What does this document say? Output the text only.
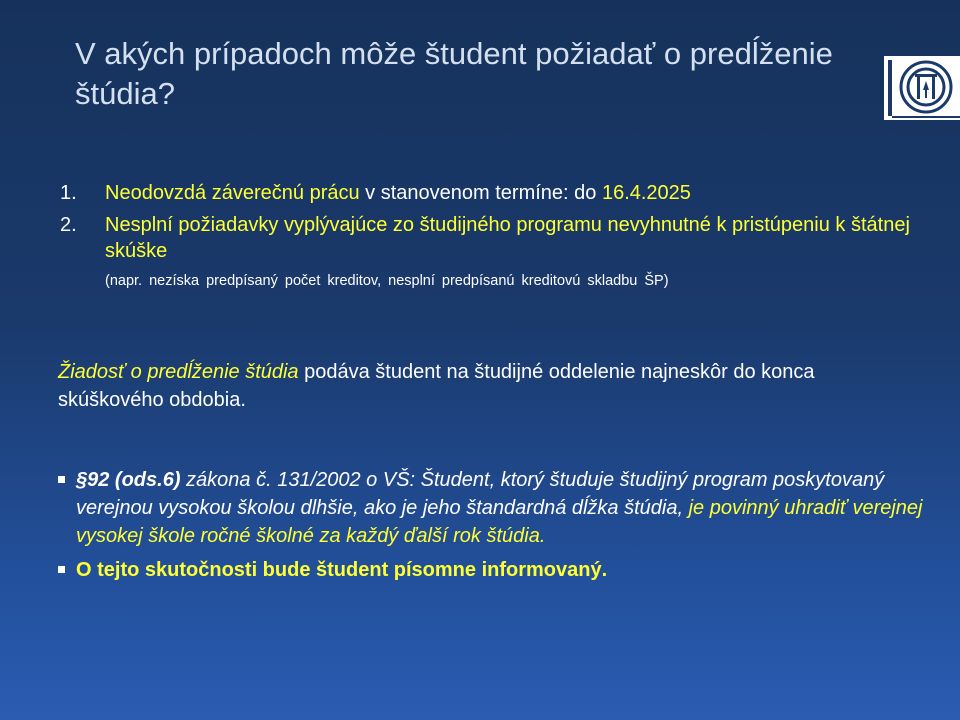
V akých prípadoch môže študent požiadať o predĺženie štúdia?
1. Neodovzdá záverečnú prácu v stanovenom termíne: do 16.4.2025
2. Nesplní požiadavky vyplývajúce zo študijného programu nevyhnutné k pristúpeniu k štátnej skúške
(napr. nezíska predpísaný počet kreditov, nesplní predpísanú kreditovú skladbu ŠP)
Žiadosť o predĺženie štúdia podáva študent na študijné oddelenie najneskôr do konca skúškového obdobia.
§92 (ods.6) zákona č. 131/2002 o VŠ: Študent, ktorý študuje študijný program poskytovaný verejnou vysokou školou dlhšie, ako je jeho štandardná dĺžka štúdia, je povinný uhradiť verejnej vysokej škole ročné školné za každý ďalší rok štúdia.
O tejto skutočnosti bude študent písomne informovaný.
